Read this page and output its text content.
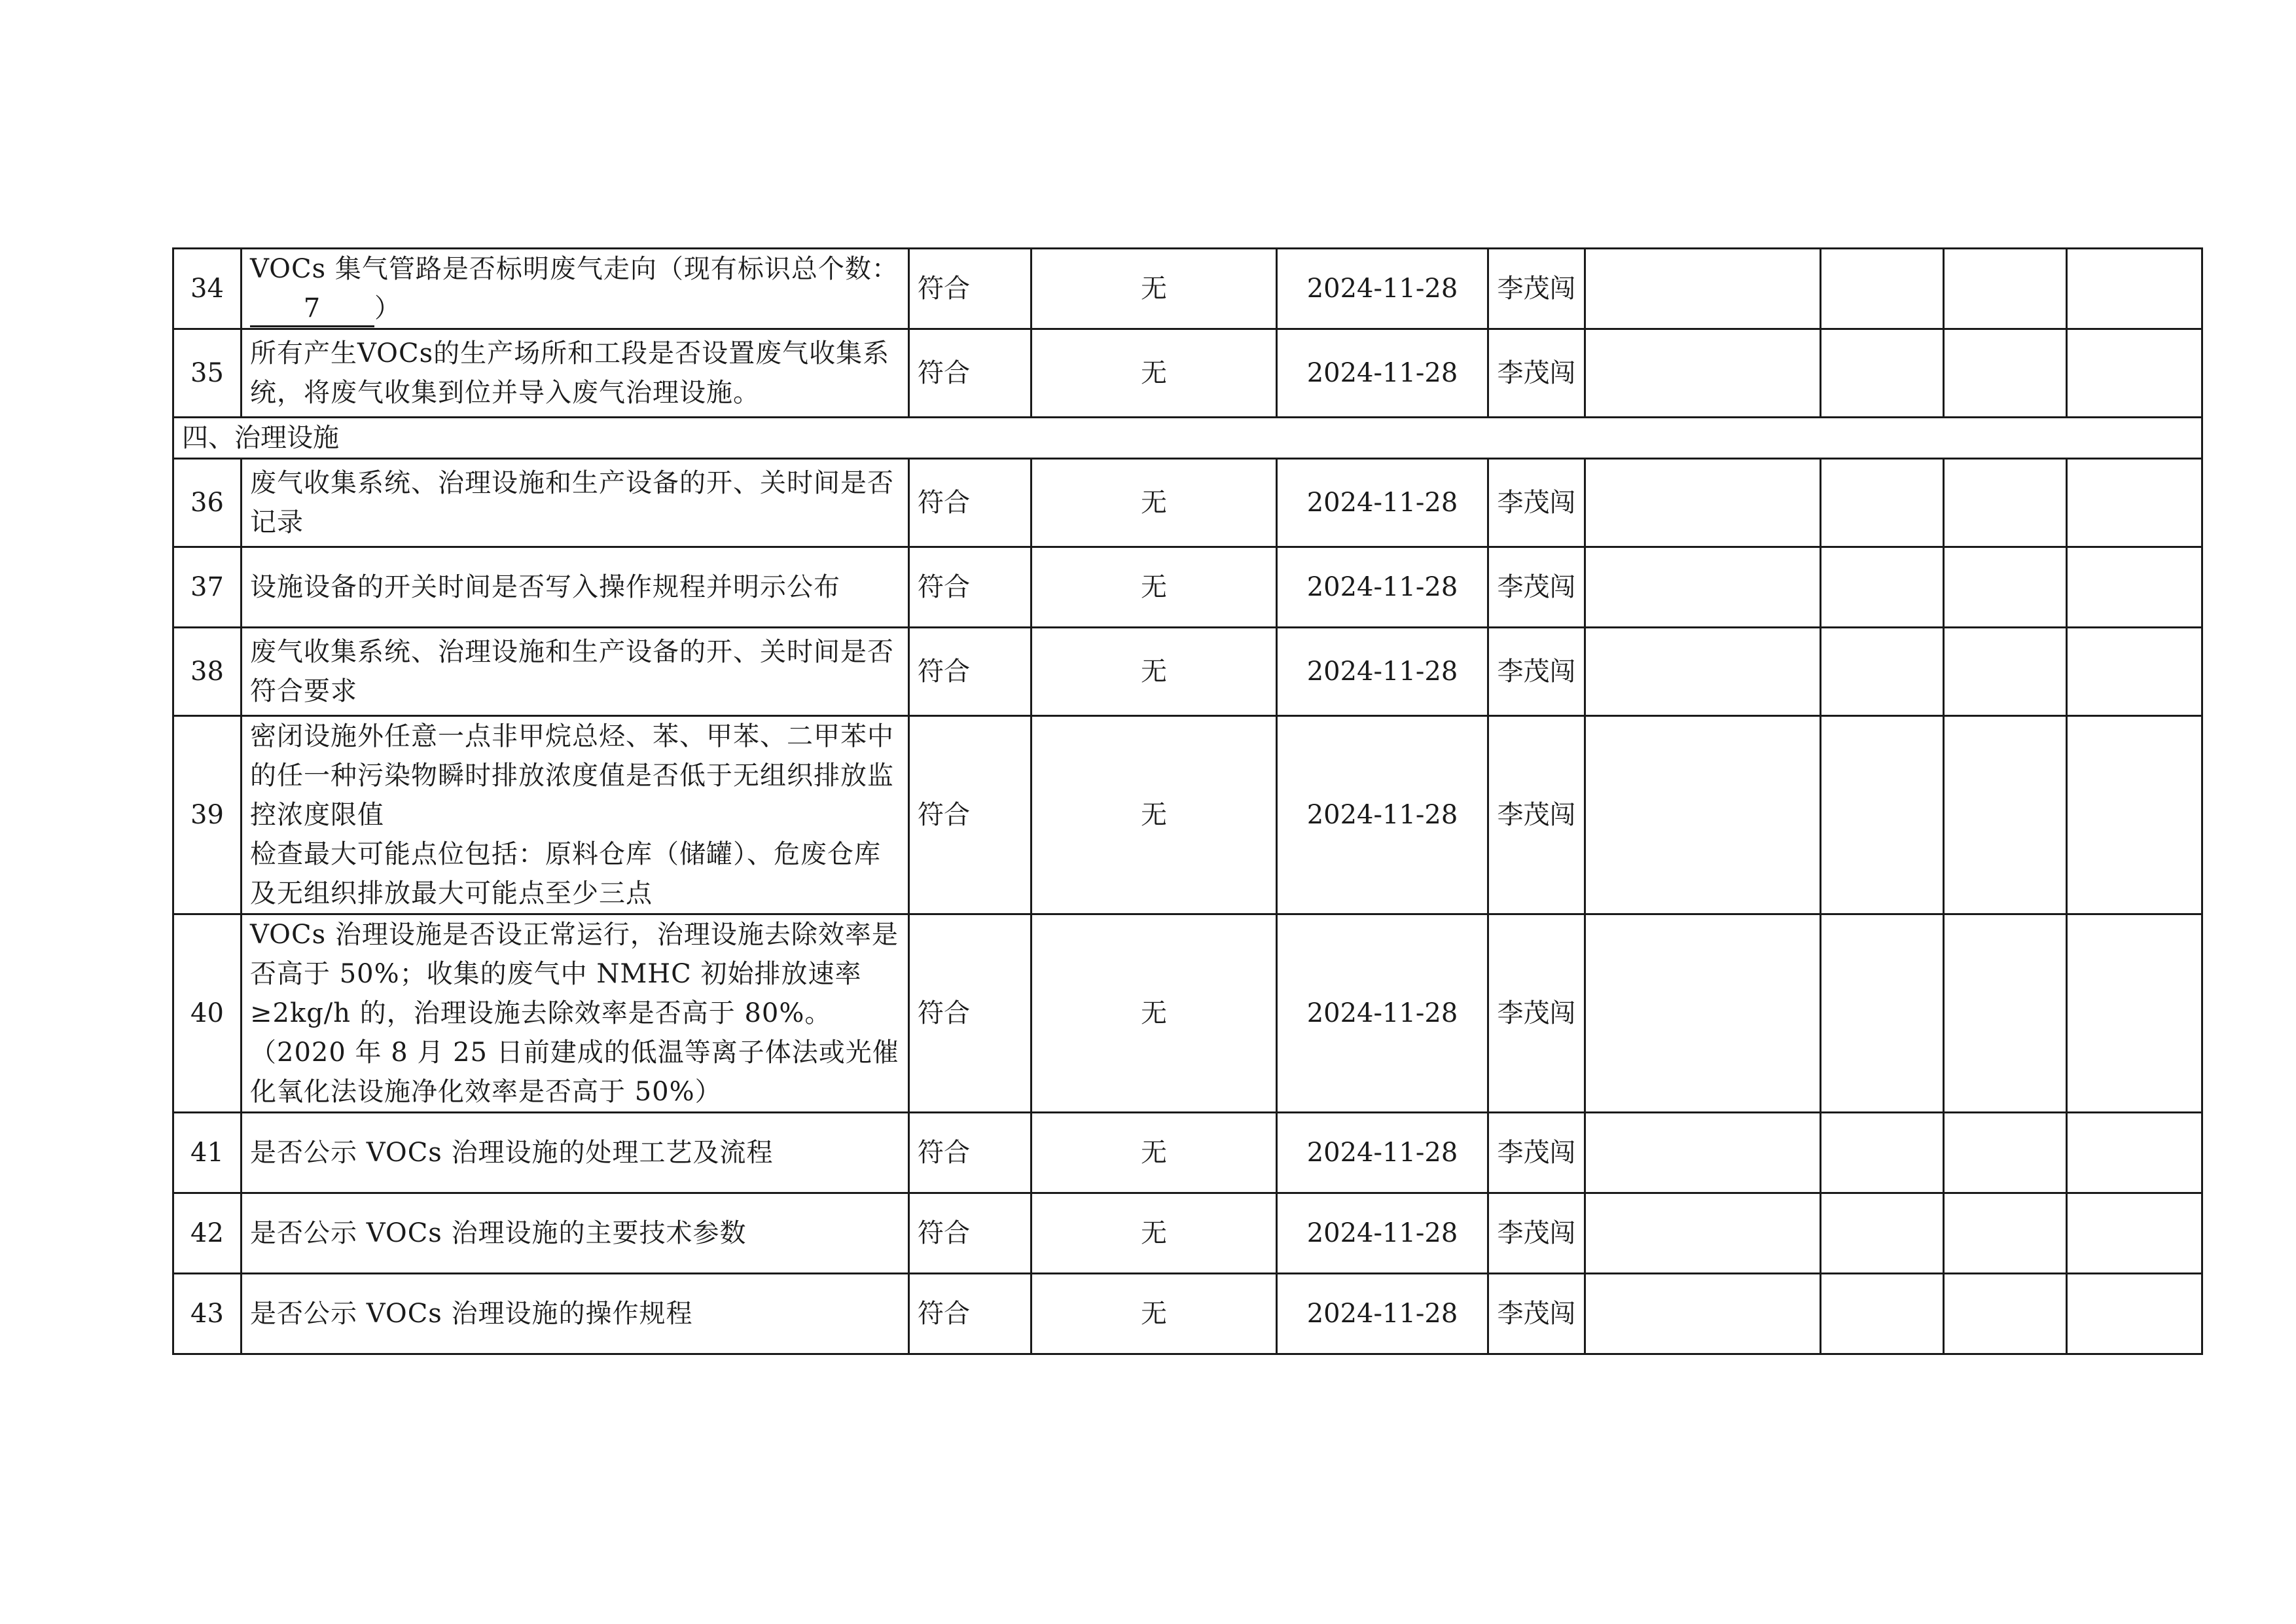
34	VOCs 集气管路是否标明废气走向（现有标识总个数：7 ）	符合	无	2024-11-28	李茂闯				
35	所有产生VOCs的生产场所和工段是否设置废气收集系统，将废气收集到位并导入废气治理设施。	符合	无	2024-11-28	李茂闯				
四、治理设施									
36	废气收集系统、治理设施和生产设备的开、关时间是否记录	符合	无	2024-11-28	李茂闯				
37	设施设备的开关时间是否写入操作规程并明示公布	符合	无	2024-11-28	李茂闯				
38	废气收集系统、治理设施和生产设备的开、关时间是否符合要求	符合	无	2024-11-28	李茂闯				
39	密闭设施外任意一点非甲烷总烃、苯、甲苯、二甲苯中的任一种污染物瞬时排放浓度值是否低于无组织排放监控浓度限值
检查最大可能点位包括：原料仓库（储罐）、危废仓库及无组织排放最大可能点至少三点	符合	无	2024-11-28	李茂闯				
40	VOCs 治理设施是否设正常运行，治理设施去除效率是否高于 50%；收集的废气中 NMHC 初始排放速率≥2kg/h 的，治理设施去除效率是否高于 80%。（2020 年 8 月 25 日前建成的低温等离子体法或光催化氧化法设施净化效率是否高于 50%）	符合	无	2024-11-28	李茂闯				
41	是否公示 VOCs 治理设施的处理工艺及流程	符合	无	2024-11-28	李茂闯				
42	是否公示 VOCs 治理设施的主要技术参数	符合	无	2024-11-28	李茂闯				
43	是否公示 VOCs 治理设施的操作规程	符合	无	2024-11-28	李茂闯				
